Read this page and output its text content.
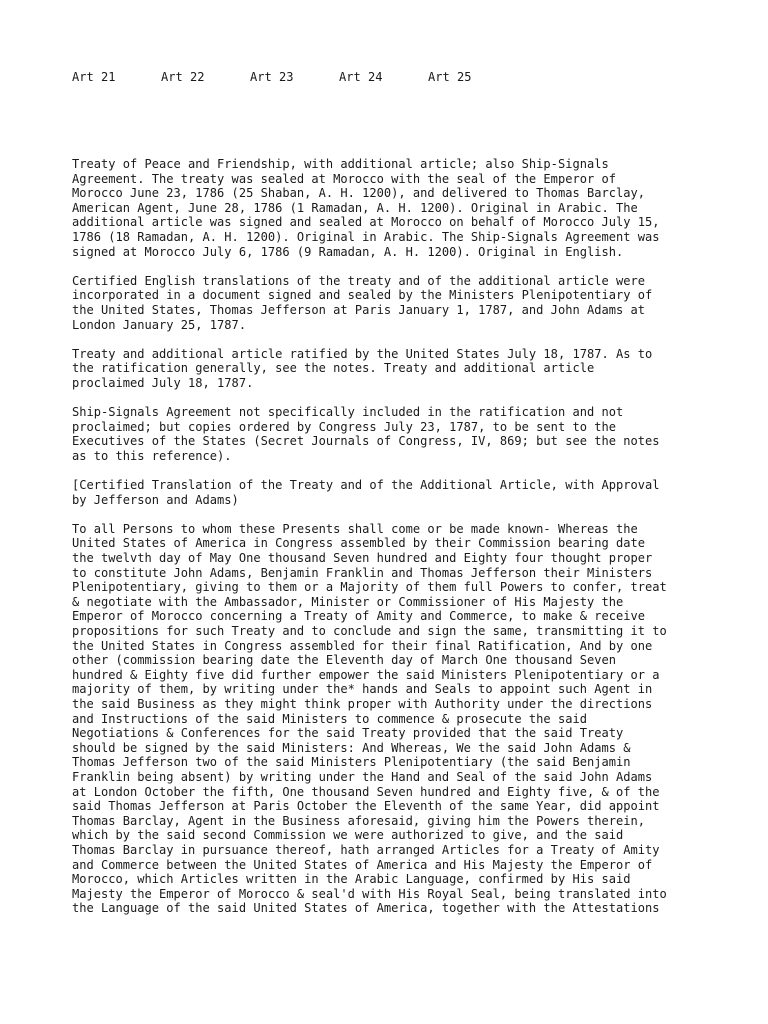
Art 21	Art 22	Art 23	Art 24	Art 25

Treaty of Peace and Friendship, with additional article; also Ship-Signals
Agreement. The treaty was sealed at Morocco with the seal of the Emperor of
Morocco June 23, 1786 (25 Shaban, A. H. 1200), and delivered to Thomas Barclay,
American Agent, June 28, 1786 (1 Ramadan, A. H. 1200). Original in Arabic. The
additional article was signed and sealed at Morocco on behalf of Morocco July 15,
1786 (18 Ramadan, A. H. 1200). Original in Arabic. The Ship-Signals Agreement was
signed at Morocco July 6, 1786 (9 Ramadan, A. H. 1200). Original in English.

Certified English translations of the treaty and of the additional article were
incorporated in a document signed and sealed by the Ministers Plenipotentiary of
the United States, Thomas Jefferson at Paris January 1, 1787, and John Adams at
London January 25, 1787.

Treaty and additional article ratified by the United States July 18, 1787. As to
the ratification generally, see the notes. Treaty and additional article
proclaimed July 18, 1787.

Ship-Signals Agreement not specifically included in the ratification and not
proclaimed; but copies ordered by Congress July 23, 1787, to be sent to the
Executives of the States (Secret Journals of Congress, IV, 869; but see the notes
as to this reference).

[Certified Translation of the Treaty and of the Additional Article, with Approval
by Jefferson and Adams)

To all Persons to whom these Presents shall come or be made known- Whereas the
United States of America in Congress assembled by their Commission bearing date
the twelvth day of May One thousand Seven hundred and Eighty four thought proper
to constitute John Adams, Benjamin Franklin and Thomas Jefferson their Ministers
Plenipotentiary, giving to them or a Majority of them full Powers to confer, treat
& negotiate with the Ambassador, Minister or Commissioner of His Majesty the
Emperor of Morocco concerning a Treaty of Amity and Commerce, to make & receive
propositions for such Treaty and to conclude and sign the same, transmitting it to
the United States in Congress assembled for their final Ratification, And by one
other (commission bearing date the Eleventh day of March One thousand Seven
hundred & Eighty five did further empower the said Ministers Plenipotentiary or a
majority of them, by writing under the* hands and Seals to appoint such Agent in
the said Business as they might think proper with Authority under the directions
and Instructions of the said Ministers to commence & prosecute the said
Negotiations & Conferences for the said Treaty provided that the said Treaty
should be signed by the said Ministers: And Whereas, We the said John Adams &
Thomas Jefferson two of the said Ministers Plenipotentiary (the said Benjamin
Franklin being absent) by writing under the Hand and Seal of the said John Adams
at London October the fifth, One thousand Seven hundred and Eighty five, & of the
said Thomas Jefferson at Paris October the Eleventh of the same Year, did appoint
Thomas Barclay, Agent in the Business aforesaid, giving him the Powers therein,
which by the said second Commission we were authorized to give, and the said
Thomas Barclay in pursuance thereof, hath arranged Articles for a Treaty of Amity
and Commerce between the United States of America and His Majesty the Emperor of
Morocco, which Articles written in the Arabic Language, confirmed by His said
Majesty the Emperor of Morocco & seal'd with His Royal Seal, being translated into
the Language of the said United States of America, together with the Attestations
